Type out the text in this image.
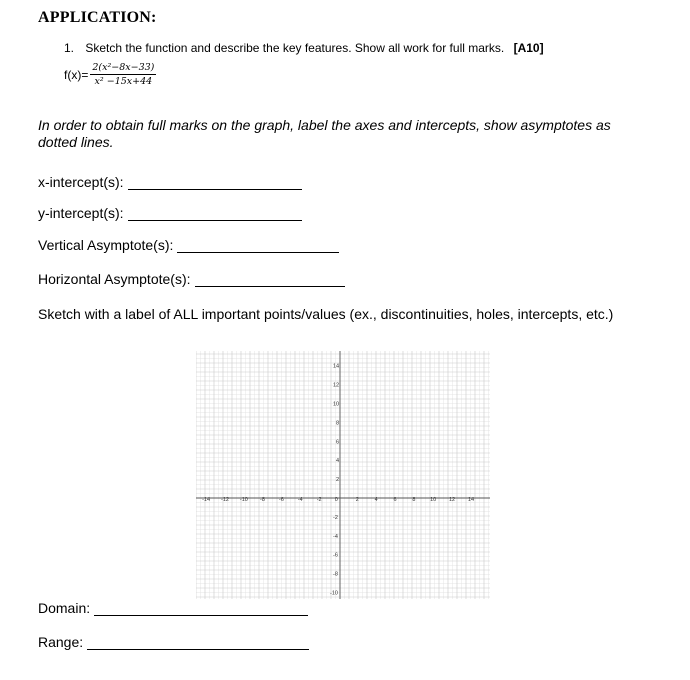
APPLICATION:
1. Sketch the function and describe the key features. Show all work for full marks. [A10]
$f(x)= \frac{\text{2(x²−8x−33)}}{\text{x² −15x+44}}$
In order to obtain full marks on the graph, label the axes and intercepts, show asymptotes as dotted lines.
x-intercept(s):
y-intercept(s):
Vertical Asymptote(s):
Horizontal Asymptote(s):
Sketch with a label of ALL important points/values (ex., discontinuities, holes, intercepts, etc.)
-14 -12 -10 -8	-6	-4	-2 0	2	4	6	8	10 12 14
14
12
10
8
6
4
2
-2
-4
-6
-8
-10
Domain:
Range:
